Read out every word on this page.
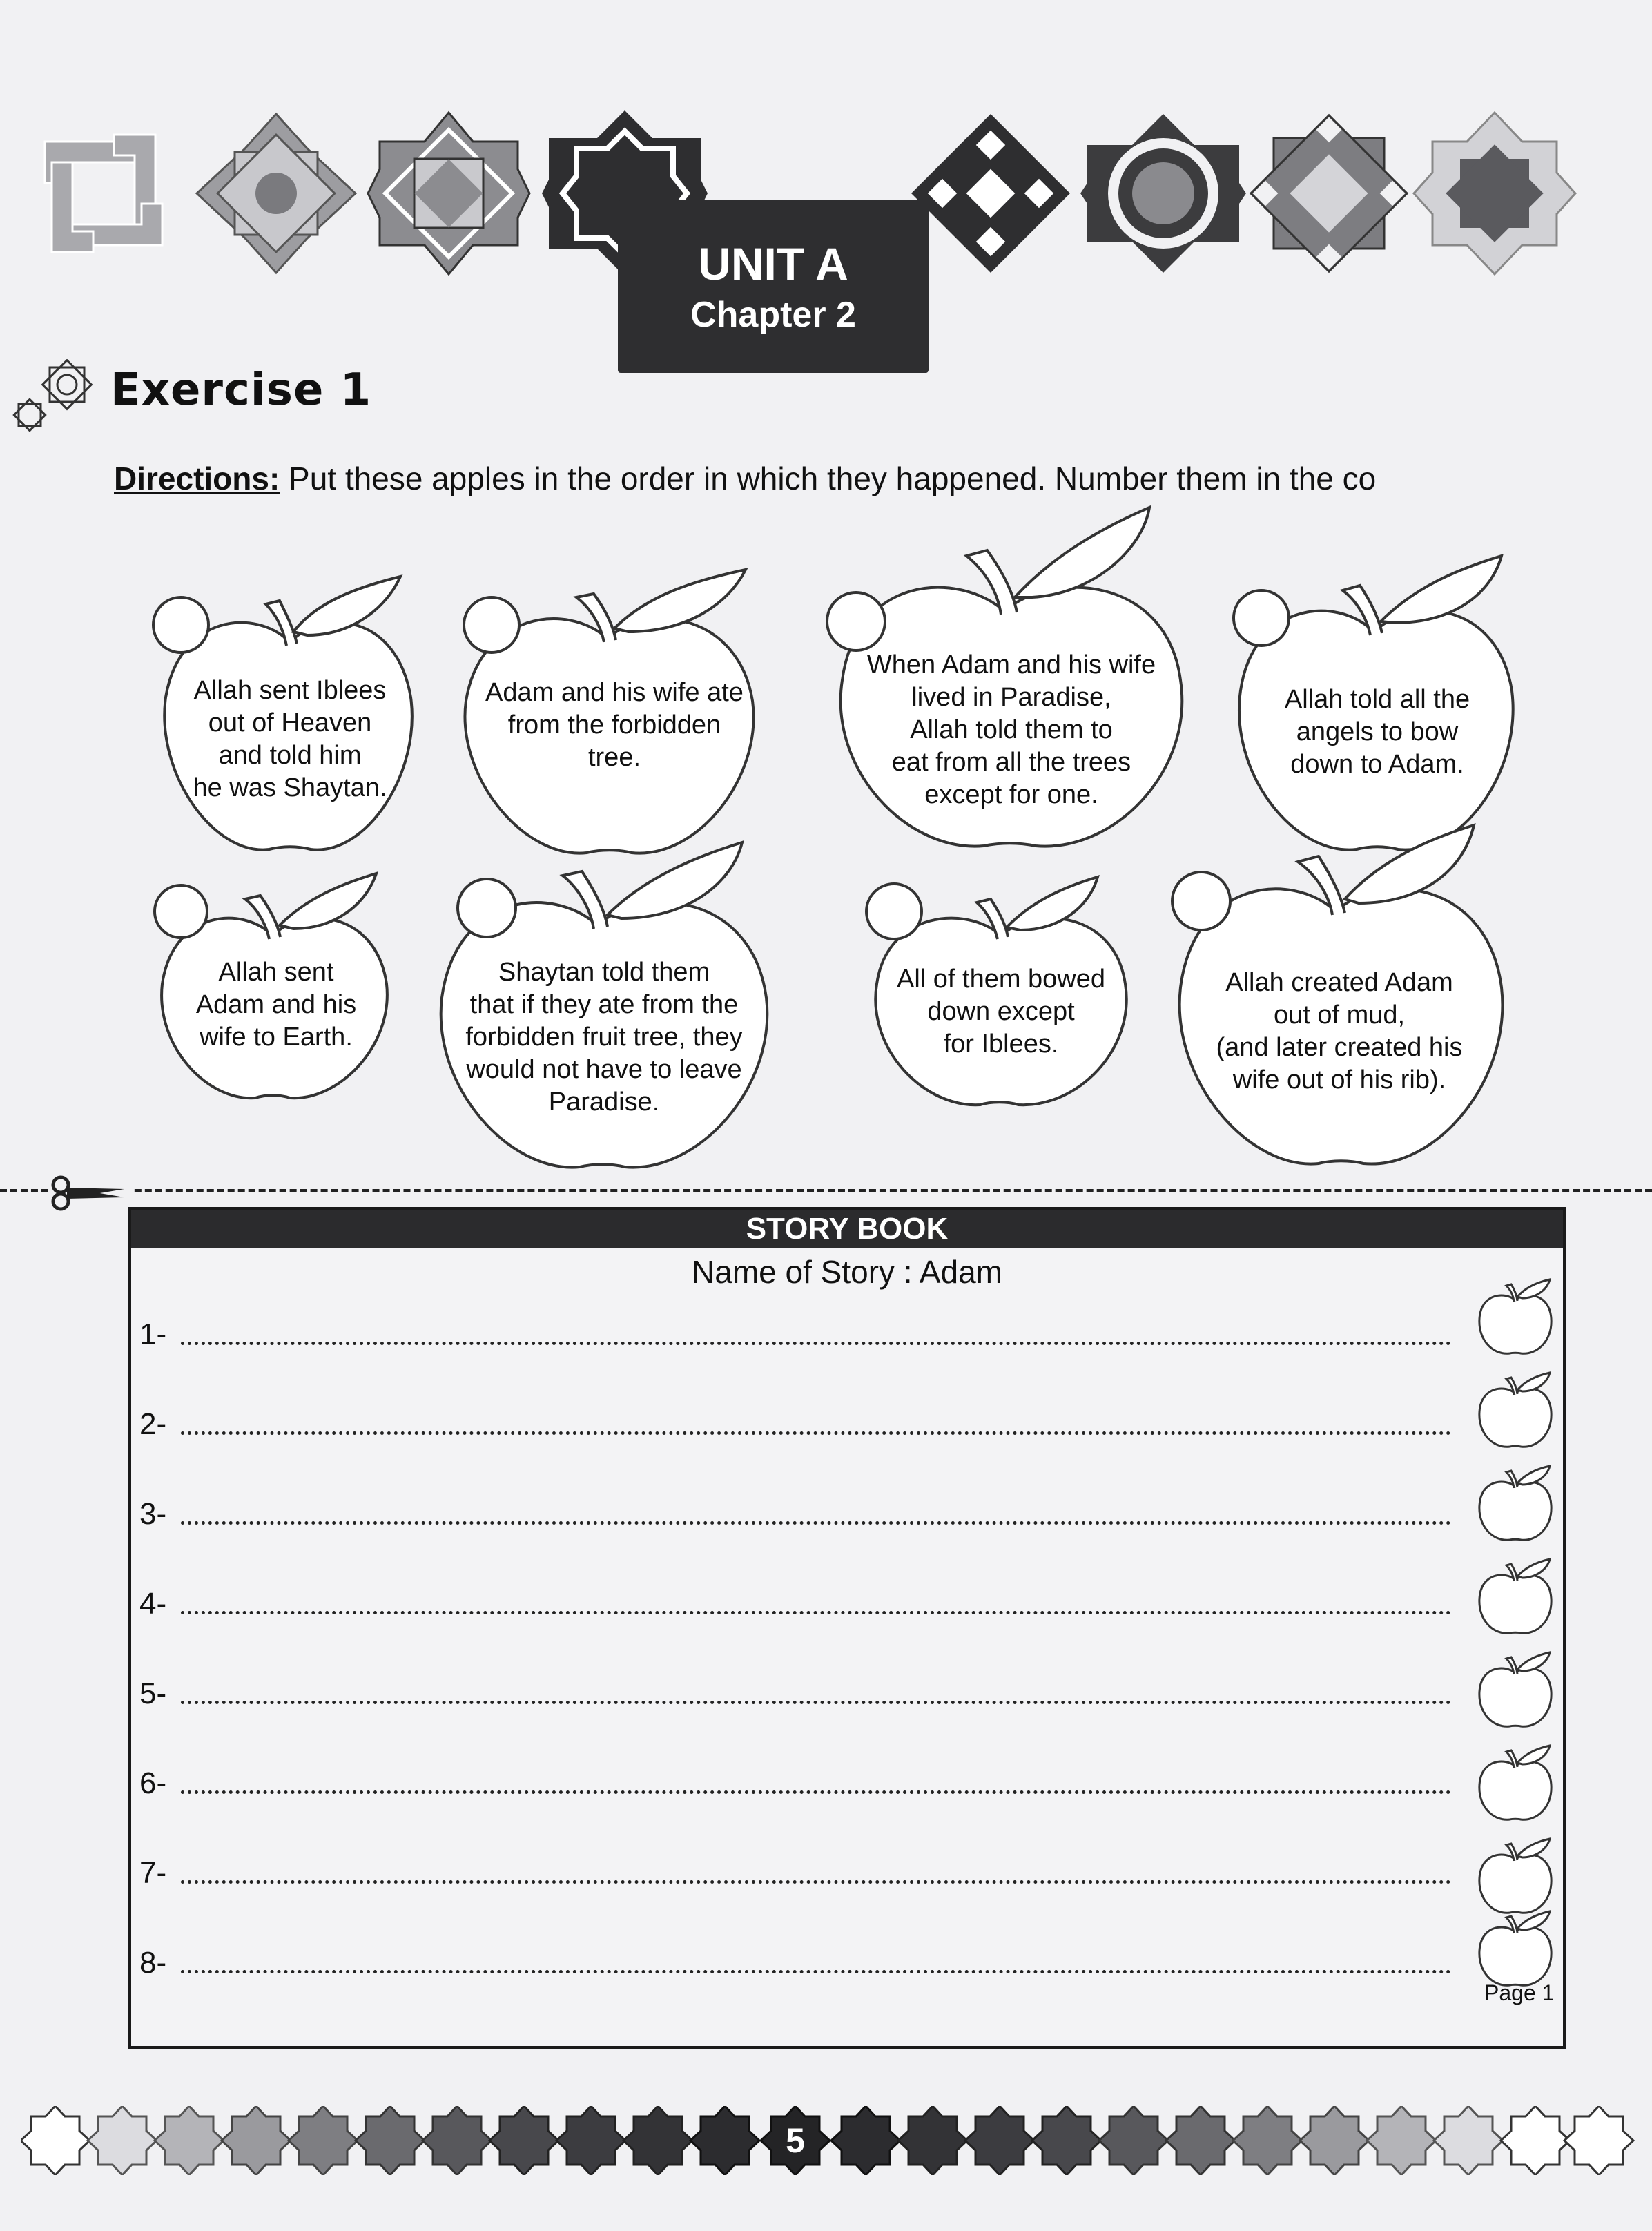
UNIT A
Chapter 2
Exercise 1
Directions: Put these apples in the order in which they happened. Number them in the co
Allah sent Iblees
out of Heaven
and told him
he was Shaytan.
Adam and his wife ate
from the forbidden
tree.
When Adam and his wife
lived in Paradise,
Allah told them to
eat from all the trees
except for one.
Allah told all the
angels to bow
down to Adam.
Allah sent
Adam and his
wife to Earth.
Shaytan told them
that if they ate from the
forbidden fruit tree, they
would not have to leave
Paradise.
All of them bowed
down except
for Iblees.
Allah created Adam
out of mud,
(and later created his
wife out of his rib).
STORY BOOK
Name of Story : Adam
1-
2-
3-
4-
5-
6-
7-
8-
Page 1
5
